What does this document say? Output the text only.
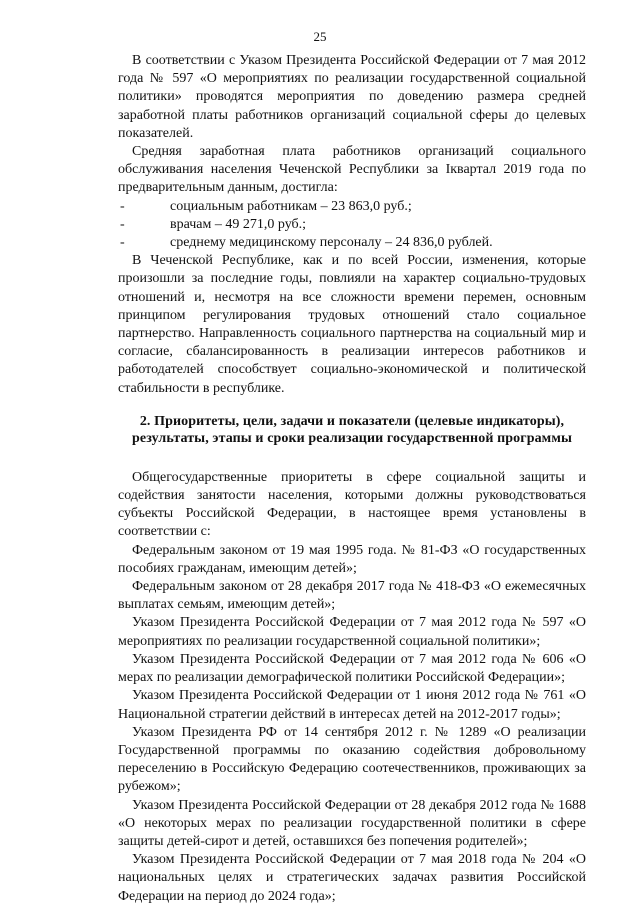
25

В соответствии с Указом Президента Российской Федерации от 7 мая 2012 года № 597 «О мероприятиях по реализации государственной социальной политики» проводятся мероприятия по доведению размера средней заработной платы работников организаций социальной сферы до целевых показателей.

Средняя заработная плата работников организаций социального обслуживания населения Чеченской Республики за Iквартал 2019 года по предварительным данным, достигла:

-	социальным работникам – 23 863,0 руб.;
-	врачам – 49 271,0 руб.;
-	среднему медицинскому персоналу – 24 836,0 рублей.

В Чеченской Республике, как и по всей России, изменения, которые произошли за последние годы, повлияли на характер социально-трудовых отношений и, несмотря на все сложности времени перемен, основным принципом регулирования трудовых отношений стало социальное партнерство. Направленность социального партнерства на социальный мир и согласие, сбалансированность в реализации интересов работников и работодателей способствует социально-экономической и политической стабильности в республике.

2. Приоритеты, цели, задачи и показатели (целевые индикаторы),
результаты, этапы и сроки реализации государственной программы

Общегосударственные приоритеты в сфере социальной защиты и содействия занятости населения, которыми должны руководствоваться субъекты Российской Федерации, в настоящее время установлены в соответствии с:

Федеральным законом от 19 мая 1995 года. № 81-ФЗ «О государственных пособиях гражданам, имеющим детей»;

Федеральным законом от 28 декабря 2017 года № 418-ФЗ «О ежемесячных выплатах семьям, имеющим детей»;

Указом Президента Российской Федерации от 7 мая 2012 года № 597 «О мероприятиях по реализации государственной социальной политики»;

Указом Президента Российской Федерации от 7 мая 2012 года № 606 «О мерах по реализации демографической политики Российской Федерации»;

Указом Президента Российской Федерации от 1 июня 2012 года № 761 «О Национальной стратегии действий в интересах детей на 2012-2017 годы»;

Указом Президента РФ от 14 сентября 2012 г. № 1289 «О реализации Государственной программы по оказанию содействия добровольному переселению в Российскую Федерацию соотечественников, проживающих за рубежом»;

Указом Президента Российской Федерации от 28 декабря 2012 года № 1688 «О некоторых мерах по реализации государственной политики в сфере защиты детей-сирот и детей, оставшихся без попечения родителей»;

Указом Президента Российской Федерации от 7 мая 2018 года № 204 «О национальных целях и стратегических задачах развития Российской Федерации на период до 2024 года»;
